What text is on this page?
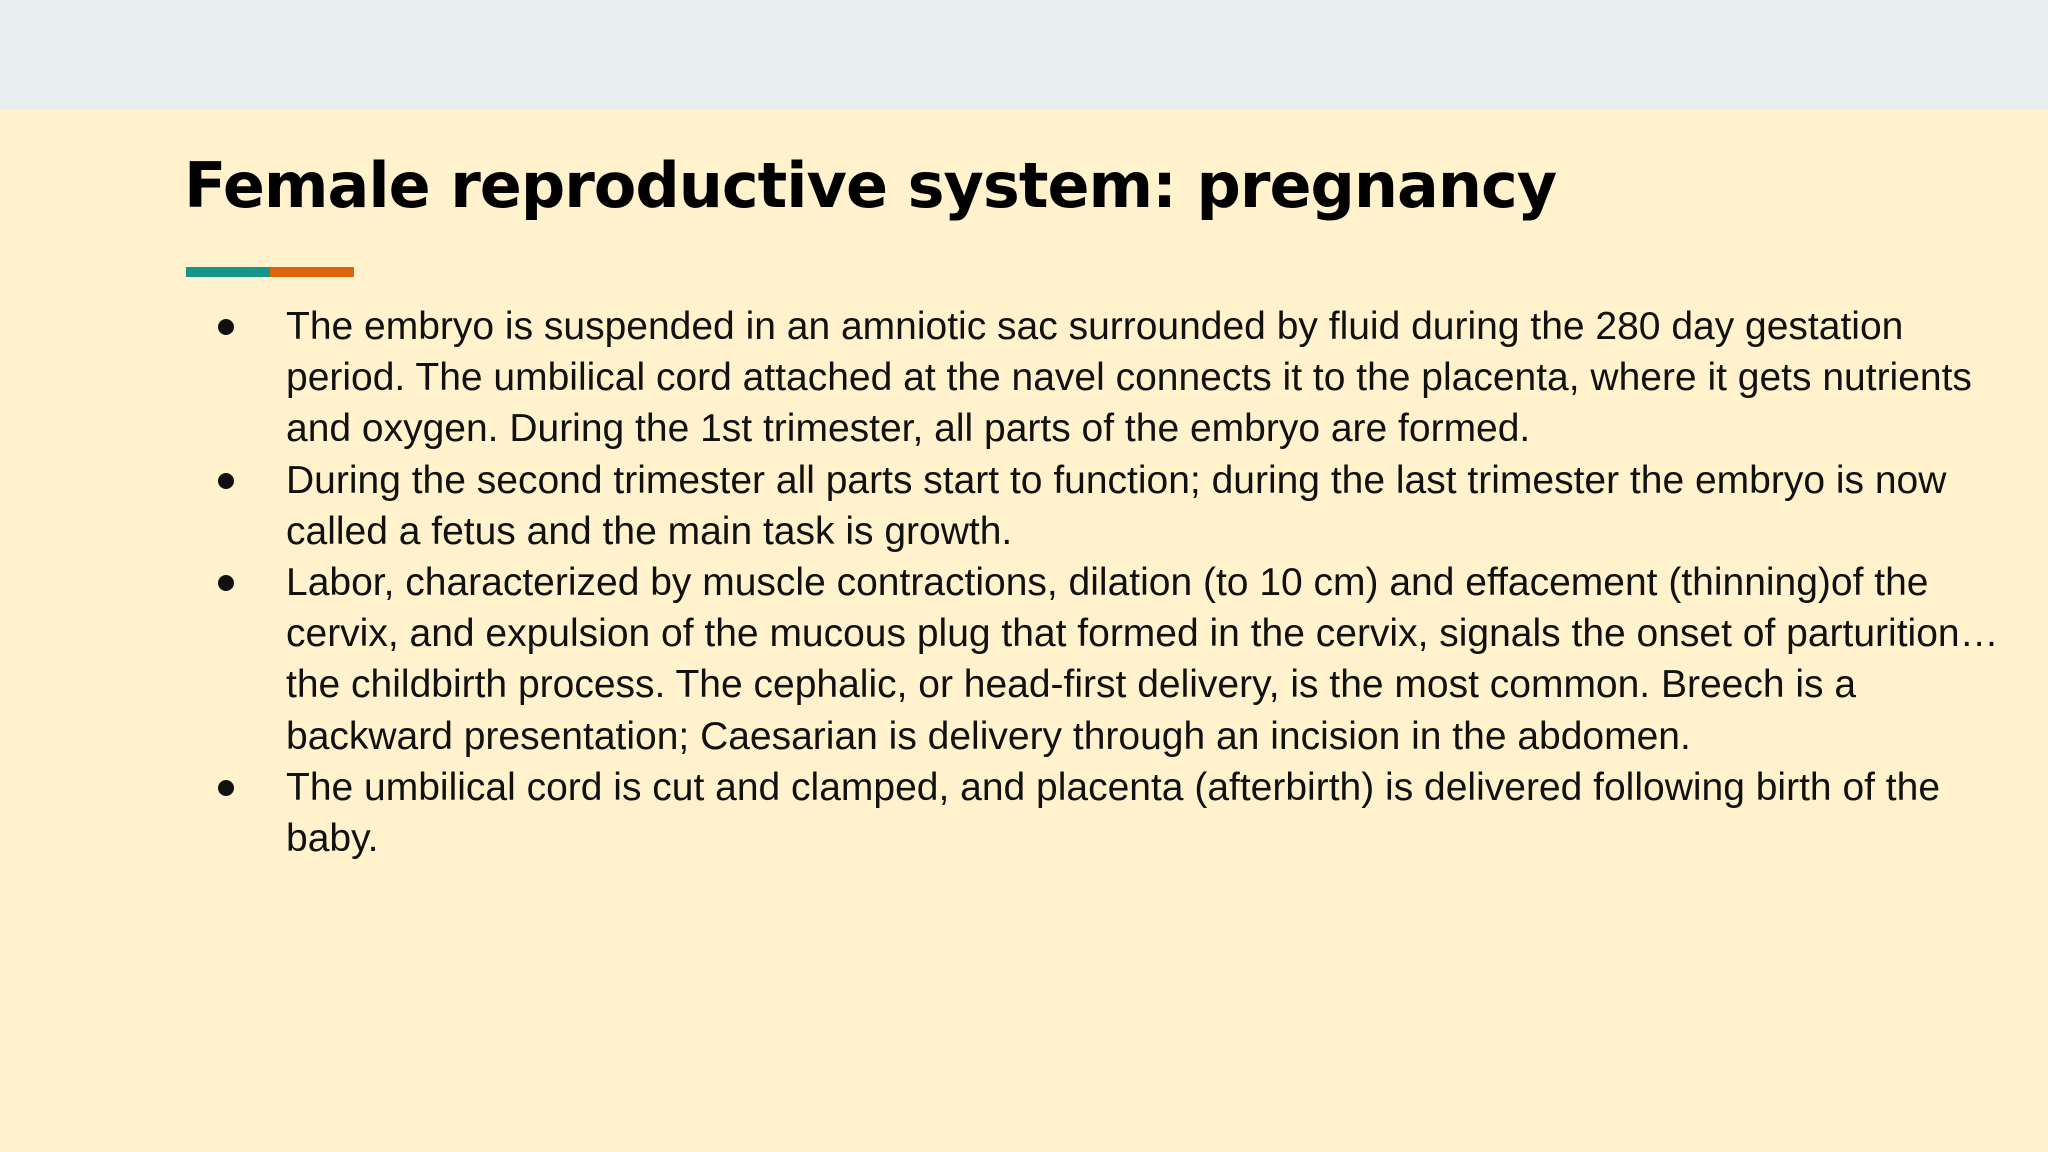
Female reproductive system: pregnancy
The embryo is suspended in an amniotic sac surrounded by fluid during the 280 day gestation period. The umbilical cord attached at the navel connects it to the placenta, where it gets nutrients and oxygen. During the 1st trimester, all parts of the embryo are formed.
During the second trimester all parts start to function; during the last trimester the embryo is now called a fetus and the main task is growth.
Labor, characterized by muscle contractions, dilation (to 10 cm) and effacement (thinning)of the cervix, and expulsion of the mucous plug that formed in the cervix, signals the onset of parturition… the childbirth process. The cephalic, or head-first delivery, is the most common. Breech is a backward presentation; Caesarian is delivery through an incision in the abdomen.
The umbilical cord is cut and clamped, and placenta (afterbirth) is delivered following birth of the baby.
